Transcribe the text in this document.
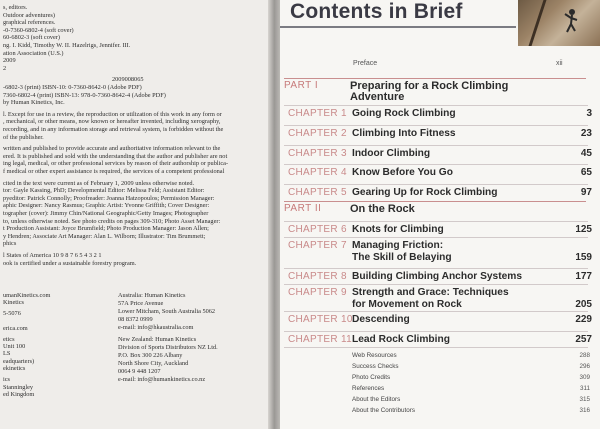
s, editors.
Outdoor adventures)
graphical references.
-0-7360-6802-4 (soft cover)
60-6802-3 (soft cover)
ng. I. Kidd, Timothy W. II. Hazelrigs, Jennifer. III.
ation Association (U.S.)
2009
2
2009008065
-6802-3 (print) ISBN-10: 0-7360-8642-0 (Adobe PDF)
7360-6802-4 (print) ISBN-13: 978-0-7360-8642-4 (Adobe PDF)
by Human Kinetics, Inc.
l. Except for use in a review, the reproduction or utilization of this work in any form or
, mechanical, or other means, now known or hereafter invented, including xerography,
recording, and in any information storage and retrieval system, is forbidden without the
of the publisher.
written and published to provide accurate and authoritative information relevant to the
ered. It is published and sold with the understanding that the author and publisher are not
ing legal, medical, or other professional services by reason of their authorship or publica-
f medical or other expert assistance is required, the services of a competent professional
cited in the text were current as of February 1, 2009 unless otherwise noted.
tor: Gayle Kassing, PhD; Developmental Editor: Melissa Feld; Assistant Editor:
pyeditor: Patrick Connolly; Proofreader: Joanna Hatzopoulos; Permission Manager:
aphic Designer: Nancy Rasmus; Graphic Artist: Yvonne Griffith; Cover Designer:
tographer (cover): Jimmy Chin/National Geographic/Getty Images; Photographer
to, unless otherwise noted. See photo credits on pages 309-310; Photo Asset Manager:
t Production Assistant: Joyce Brumfield; Photo Production Manager: Jason Allen;
y Hendren; Associate Art Manager: Alan L. Wilborn; Illustrator: Tim Brummett;
phics
l States of America 10 9 8 7 6 5 4 3 2 1
ook is certified under a sustainable forestry program.
umanKinetics.com
Kinetics
5-5076
erica.com
etics
Unit 100
LS
eadquarters)
ekinetics
ics
Stanningley
ed Kingdom
Australia: Human Kinetics
57A Price Avenue
Lower Mitcham, South Australia 5062
08 8372 0999
e-mail: info@hkaustralia.com
New Zealand: Human Kinetics
Division of Sports Distributors NZ Ltd.
P.O. Box 300 226 Albany
North Shore City, Auckland
0064 9 448 1207
e-mail: info@humankinetics.co.nz
Contents in Brief
Preface	xii
PART I	Preparing for a Rock Climbing
Adventure
CHAPTER 1 Going Rock Climbing	3
CHAPTER 2 Climbing Into Fitness	23
CHAPTER 3 Indoor Climbing	45
CHAPTER 4 Know Before You Go	65
CHAPTER 5 Gearing Up for Rock Climbing	97
PART II	On the Rock
CHAPTER 6 Knots for Climbing	125
CHAPTER 7 Managing Friction:
The Skill of Belaying	159
CHAPTER 8 Building Climbing Anchor Systems	177
CHAPTER 9 Strength and Grace: Techniques
for Movement on Rock	205
CHAPTER 10 Descending	229
CHAPTER 11 Lead Rock Climbing	257
Web Resources	288
Success Checks	296
Photo Credits	309
References	311
About the Editors	315
About the Contributors	316
